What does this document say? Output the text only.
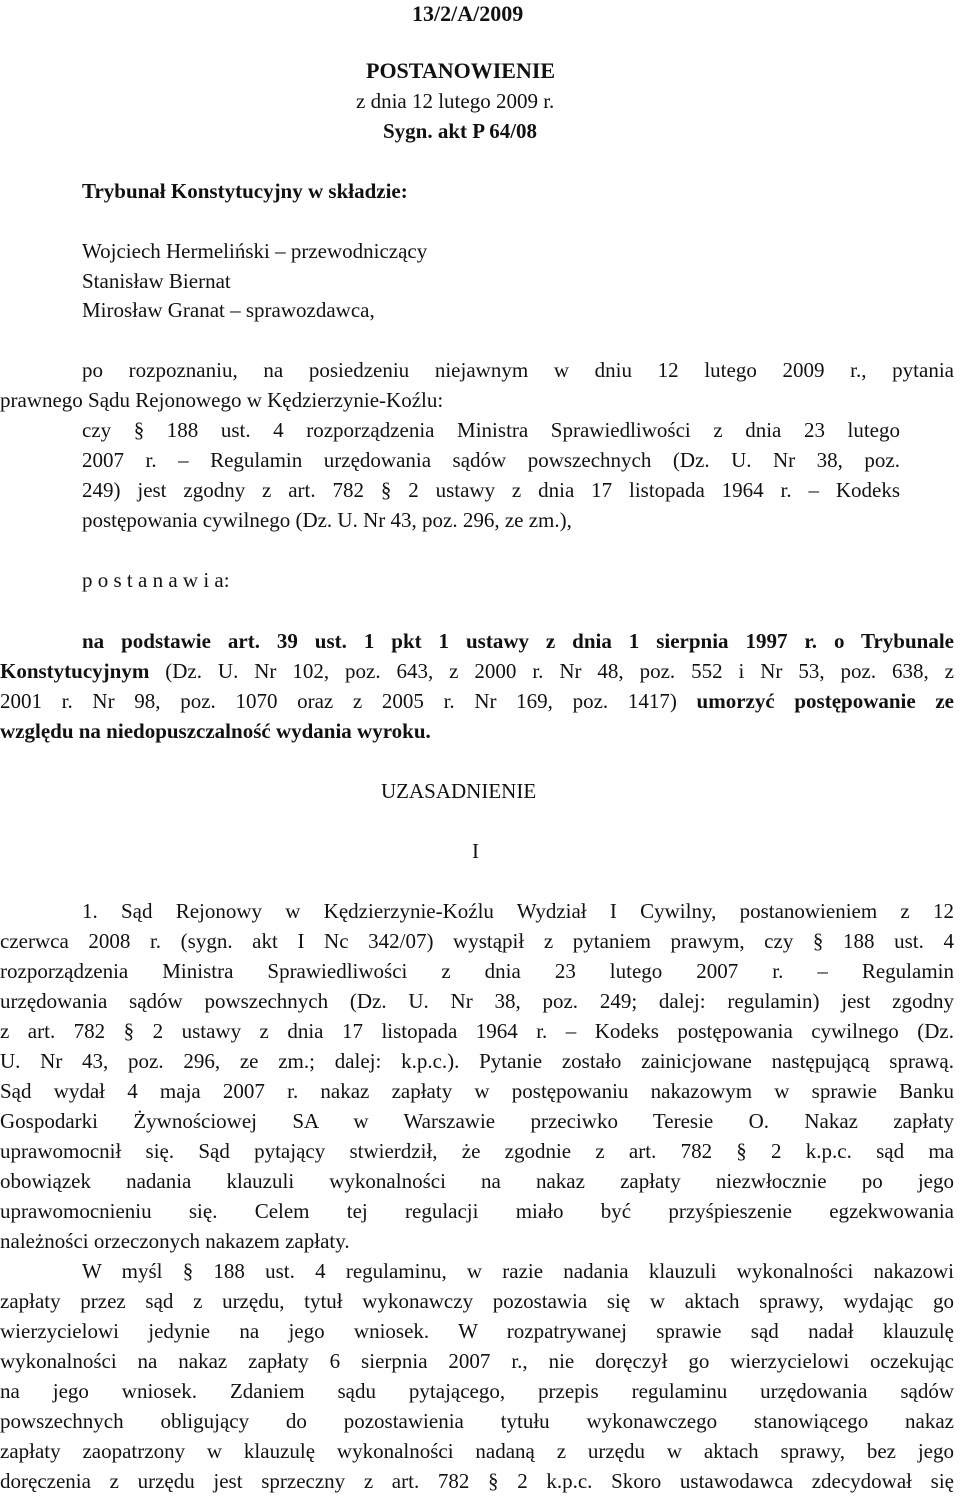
13/2/A/2009
POSTANOWIENIE
z dnia 12 lutego 2009 r.
Sygn. akt P 64/08
Trybunał Konstytucyjny w składzie:
Wojciech Hermeliński – przewodniczący
Stanisław Biernat
Mirosław Granat – sprawozdawca,
po rozpoznaniu, na posiedzeniu niejawnym w dniu 12 lutego 2009 r., pytania
prawnego Sądu Rejonowego w Kędzierzynie-Koźlu:
czy § 188 ust. 4 rozporządzenia Ministra Sprawiedliwości z dnia 23 lutego
2007 r. – Regulamin urzędowania sądów powszechnych (Dz. U. Nr 38, poz.
249) jest zgodny z art. 782 § 2 ustawy z dnia 17 listopada 1964 r. – Kodeks
postępowania cywilnego (Dz. U. Nr 43, poz. 296, ze zm.),
p o s t a n a w i a:
na podstawie art. 39 ust. 1 pkt 1 ustawy z dnia 1 sierpnia 1997 r. o Trybunale
Konstytucyjnym (Dz. U. Nr 102, poz. 643, z 2000 r. Nr 48, poz. 552 i Nr 53, poz. 638, z
2001 r. Nr 98, poz. 1070 oraz z 2005 r. Nr 169, poz. 1417) umorzyć postępowanie ze
względu na niedopuszczalność wydania wyroku.
UZASADNIENIE
I
1. Sąd Rejonowy w Kędzierzynie-Koźlu Wydział I Cywilny, postanowieniem z 12
czerwca 2008 r. (sygn. akt I Nc 342/07) wystąpił z pytaniem prawym, czy § 188 ust. 4
rozporządzenia Ministra Sprawiedliwości z dnia 23 lutego 2007 r. – Regulamin
urzędowania sądów powszechnych (Dz. U. Nr 38, poz. 249; dalej: regulamin) jest zgodny
z art. 782 § 2 ustawy z dnia 17 listopada 1964 r. – Kodeks postępowania cywilnego (Dz.
U. Nr 43, poz. 296, ze zm.; dalej: k.p.c.). Pytanie zostało zainicjowane następującą sprawą.
Sąd wydał 4 maja 2007 r. nakaz zapłaty w postępowaniu nakazowym w sprawie Banku
Gospodarki Żywnościowej SA w Warszawie przeciwko Teresie O. Nakaz zapłaty
uprawomocnił się. Sąd pytający stwierdził, że zgodnie z art. 782 § 2 k.p.c. sąd ma
obowiązek nadania klauzuli wykonalności na nakaz zapłaty niezwłocznie po jego
uprawomocnieniu się. Celem tej regulacji miało być przyśpieszenie egzekwowania
należności orzeczonych nakazem zapłaty.
W myśl § 188 ust. 4 regulaminu, w razie nadania klauzuli wykonalności nakazowi
zapłaty przez sąd z urzędu, tytuł wykonawczy pozostawia się w aktach sprawy, wydając go
wierzycielowi jedynie na jego wniosek. W rozpatrywanej sprawie sąd nadał klauzulę
wykonalności na nakaz zapłaty 6 sierpnia 2007 r., nie doręczył go wierzycielowi oczekując
na jego wniosek. Zdaniem sądu pytającego, przepis regulaminu urzędowania sądów
powszechnych obligujący do pozostawienia tytułu wykonawczego stanowiącego nakaz
zapłaty zaopatrzony w klauzulę wykonalności nadaną z urzędu w aktach sprawy, bez jego
doręczenia z urzędu jest sprzeczny z art. 782 § 2 k.p.c. Skoro ustawodawca zdecydował się
